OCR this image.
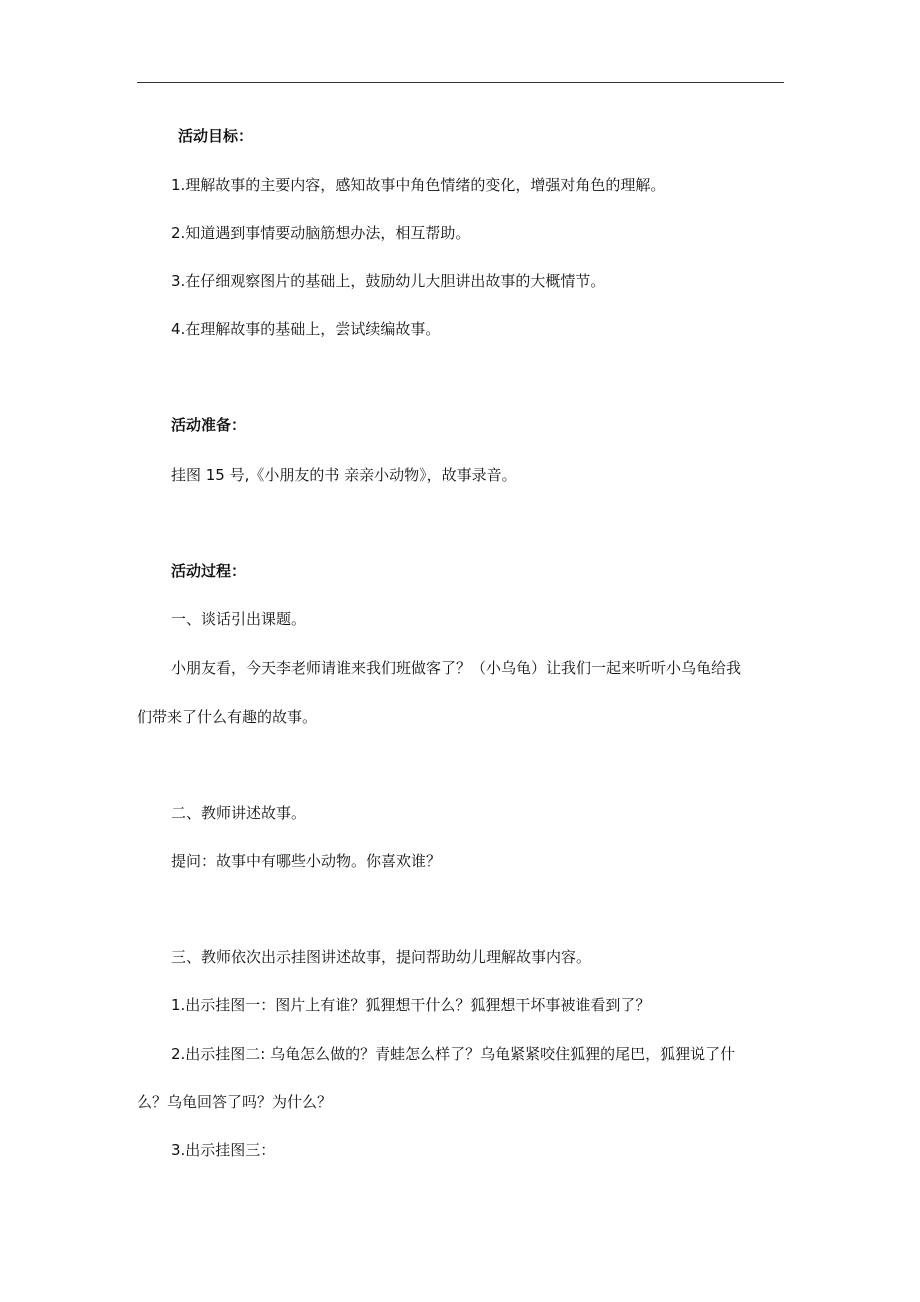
活动目标：
1.理解故事的主要内容，感知故事中角色情绪的变化，增强对角色的理解。
2.知道遇到事情要动脑筋想办法，相互帮助。
3.在仔细观察图片的基础上，鼓励幼儿大胆讲出故事的大概情节。
4.在理解故事的基础上，尝试续编故事。
活动准备：
挂图 15 号,《小朋友的书 亲亲小动物》，故事录音。
活动过程：
一、谈话引出课题。
小朋友看，今天李老师请谁来我们班做客了？（小乌龟）让我们一起来听听小乌龟给我
们带来了什么有趣的故事。
二、教师讲述故事。
提问：故事中有哪些小动物。你喜欢谁？
三、教师依次出示挂图讲述故事，提问帮助幼儿理解故事内容。
1.出示挂图一：图片上有谁？狐狸想干什么？狐狸想干坏事被谁看到了？
2.出示挂图二: 乌龟怎么做的？青蛙怎么样了？乌龟紧紧咬住狐狸的尾巴，狐狸说了什
么？乌龟回答了吗？为什么？
3.出示挂图三：
